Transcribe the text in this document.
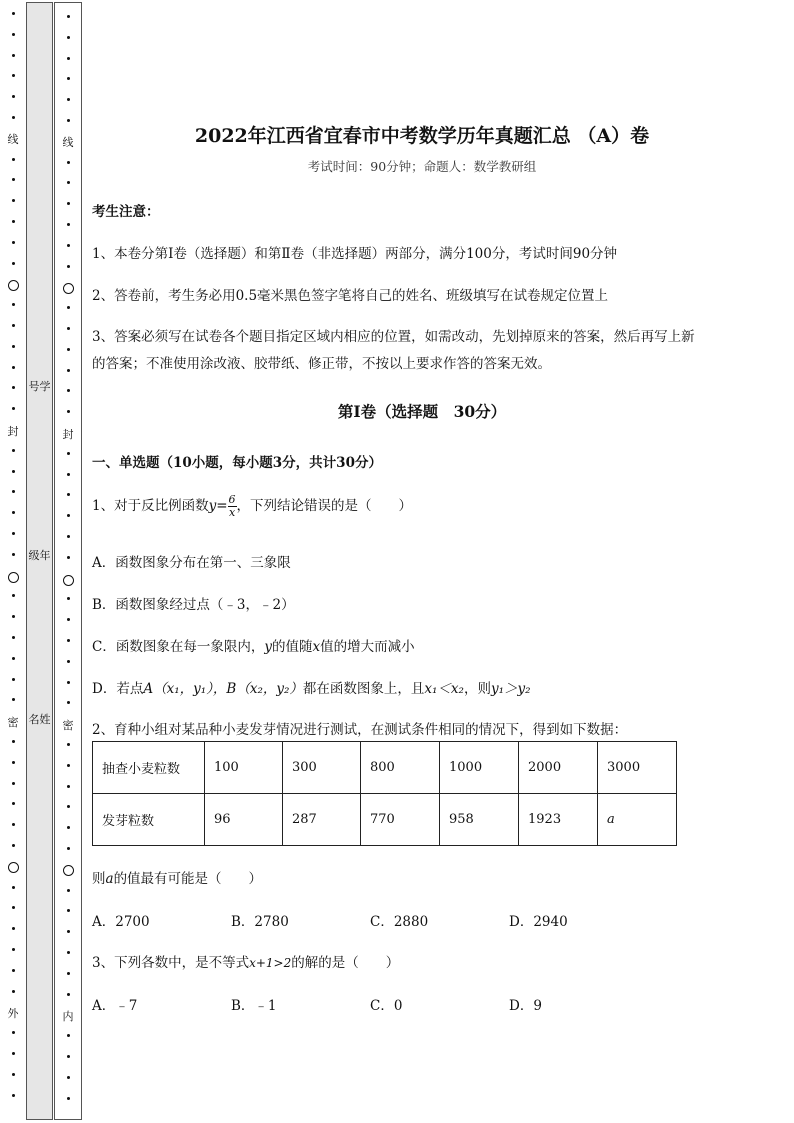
线
封
密
外
号学
级年
名姓
线
封
密
内
2022年江西省宜春市中考数学历年真题汇总 （A）卷
考试时间：90分钟；命题人：数学教研组
考生注意：
1、本卷分第I卷（选择题）和第Ⅱ卷（非选择题）两部分，满分100分，考试时间90分钟
2、答卷前，考生务必用0.5毫米黑色签字笔将自己的姓名、班级填写在试卷规定位置上
3、答案必须写在试卷各个题目指定区域内相应的位置，如需改动，先划掉原来的答案，然后再写上新
的答案；不准使用涂改液、胶带纸、修正带，不按以上要求作答的答案无效。
第I卷（选择题　30分）
一、单选题（10小题，每小题3分，共计30分）
1、对于反比例函数$y= \frac{6}{x}$ ，下列结论错误的是（　　）
A．函数图象分布在第一、三象限
B．函数图象经过点（﹣3，﹣2）
C．函数图象在每一象限内，y的值随x值的增大而减小
D．若点A（x₁，y₁），B（x₂，y₂）都在函数图象上，且x₁＜x₂，则y₁＞y₂
2、育种小组对某品种小麦发芽情况进行测试，在测试条件相同的情况下，得到如下数据：
抽查小麦粒数	100	300	800	1000	2000	3000
发芽粒数	96	287	770	958	1923	a
则a的值最有可能是（　　）
A．2700	B．2780	C．2880	D．2940
3、下列各数中，是不等式x+1>2的解的是（　　）
A．﹣7	B．﹣1	C．0	D．9
